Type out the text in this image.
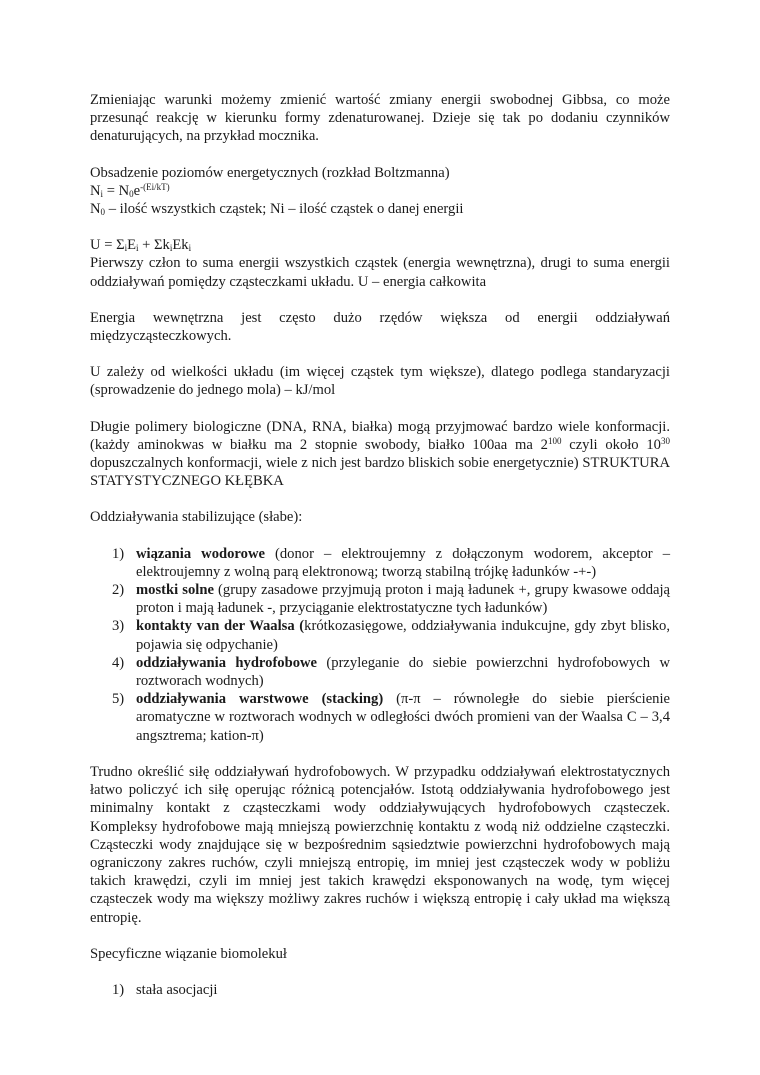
Zmieniając warunki możemy zmienić wartość zmiany energii swobodnej Gibbsa, co może przesunąć reakcję w kierunku formy zdenaturowanej. Dzieje się tak po dodaniu czynników denaturujących, na przykład mocznika.

Obsadzenie poziomów energetycznych (rozkład Boltzmanna)

$N_i = N_0e^{-(Ei/kT)}$

$N_0$ – ilość wszystkich cząstek; Ni – ilość cząstek o danej energii

$U = \Sigma_iE_i + \Sigma k_iEk_i$

Pierwszy człon to suma energii wszystkich cząstek (energia wewnętrzna), drugi to suma energii oddziaływań pomiędzy cząsteczkami układu. U – energia całkowita

Energia wewnętrzna jest często dużo rzędów większa od energii oddziaływań międzycząsteczkowych.

U zależy od wielkości układu (im więcej cząstek tym większe), dlatego podlega standaryzacji (sprowadzenie do jednego mola) – kJ/mol

Długie polimery biologiczne (DNA, RNA, białka) mogą przyjmować bardzo wiele konformacji. (każdy aminokwas w białku ma 2 stopnie swobody, białko 100aa ma $2^{100}$ czyli około $10^{30}$ dopuszczalnych konformacji, wiele z nich jest bardzo bliskich sobie energetycznie) STRUKTURA STATYSTYCZNEGO KŁĘBKA

Oddziaływania stabilizujące (słabe):

1) wiązania wodorowe (donor – elektroujemny z dołączonym wodorem, akceptor – elektroujemny z wolną parą elektronową; tworzą stabilną trójkę ładunków -+-)
2) mostki solne (grupy zasadowe przyjmują proton i mają ładunek +, grupy kwasowe oddają proton i mają ładunek -, przyciąganie elektrostatyczne tych ładunków)
3) kontakty van der Waalsa (krótkozasięgowe, oddziaływania indukcujne, gdy zbyt blisko, pojawia się odpychanie)
4) oddziaływania hydrofobowe (przyleganie do siebie powierzchni hydrofobowych w roztworach wodnych)
5) oddziaływania warstwowe (stacking) (π-π – równoległe do siebie pierścienie aromatyczne w roztworach wodnych w odległości dwóch promieni van der Waalsa C – 3,4 angsztrema; kation-π)

Trudno określić siłę oddziaływań hydrofobowych. W przypadku oddziaływań elektrostatycznych łatwo policzyć ich siłę operując różnicą potencjałów. Istotą oddziaływania hydrofobowego jest minimalny kontakt z cząsteczkami wody oddziaływujących hydrofobowych cząsteczek. Kompleksy hydrofobowe mają mniejszą powierzchnię kontaktu z wodą niż oddzielne cząsteczki. Cząsteczki wody znajdujące się w bezpośrednim sąsiedztwie powierzchni hydrofobowych mają ograniczony zakres ruchów, czyli mniejszą entropię, im mniej jest cząsteczek wody w pobliżu takich krawędzi, czyli im mniej jest takich krawędzi eksponowanych na wodę, tym więcej cząsteczek wody ma większy możliwy zakres ruchów i większą entropię i cały układ ma większą entropię.

Specyficzne wiązanie biomolekuł

1) stała asocjacji
